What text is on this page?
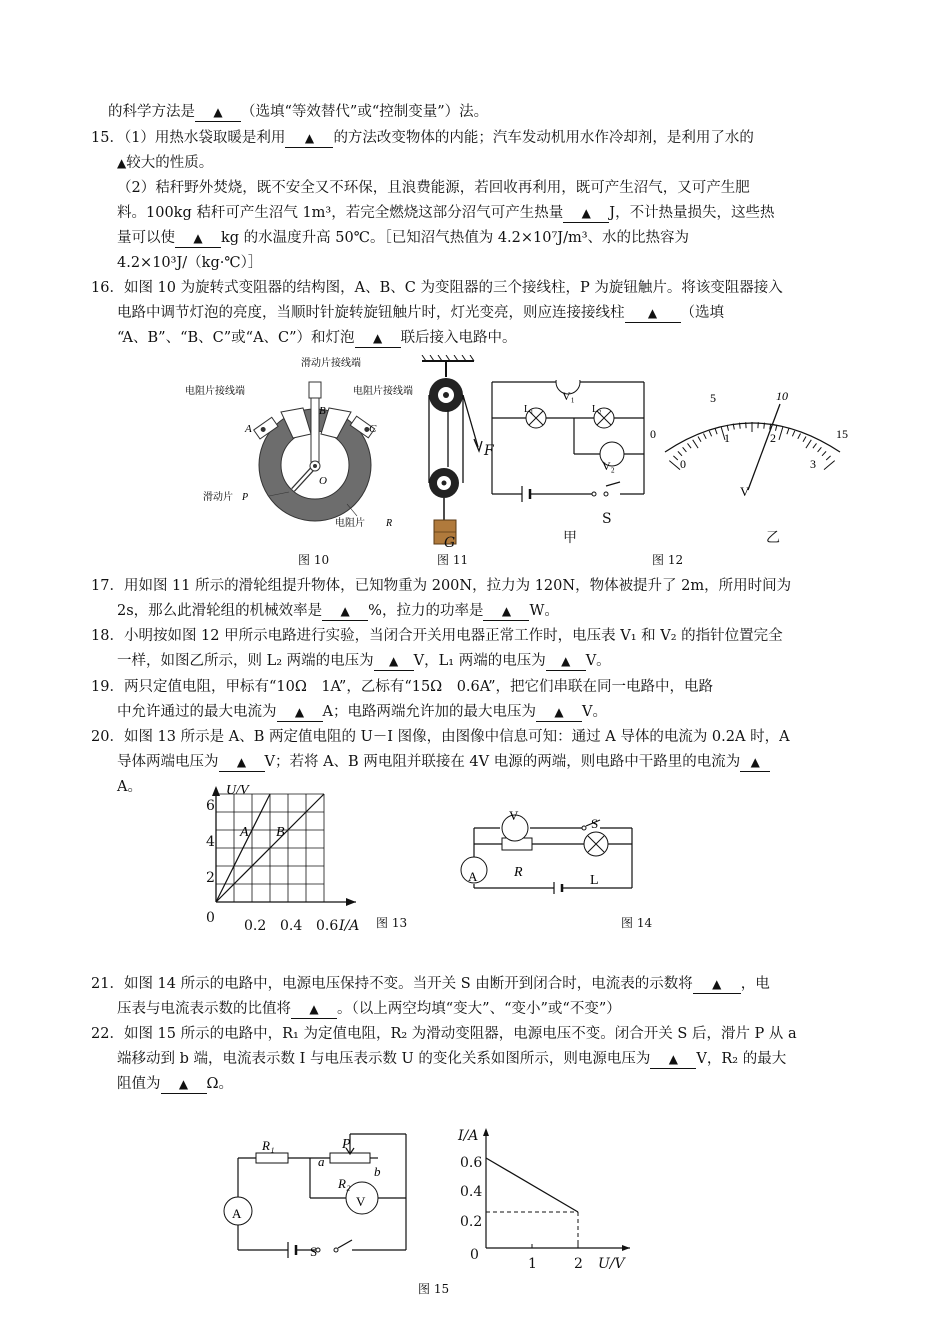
的科学方法是 ▲ （选填“等效替代”或“控制变量”）法。
15．（1）用热水袋取暖是利用 ▲ 的方法改变物体的内能；汽车发动机用水作冷却剂，是利用了水的
▲较大的性质。
（2）秸秆野外焚烧，既不安全又不环保，且浪费能源，若回收再利用，既可产生沼气，又可产生肥
料。100kg 秸秆可产生沼气 1m³，若完全燃烧这部分沼气可产生热量 ▲ J，不计热量损失，这些热
量可以使 ▲ kg 的水温度升高 50℃。［已知沼气热值为 4.2×10⁷J/m³、水的比热容为
4.2×10³J/（kg·℃）］
16．如图 10 为旋转式变阻器的结构图，A、B、C 为变阻器的三个接线柱，P 为旋钮触片。将该变阻器接入
电路中调节灯泡的亮度，当顺时针旋转旋钮触片时，灯光变亮，则应连接接线柱 ▲ （选填
“A、B”、“B、C”或“A、C”）和灯泡 ▲ 联后接入电路中。
17．用如图 11 所示的滑轮组提升物体，已知物重为 200N，拉力为 120N，物体被提升了 2m，所用时间为
2s，那么此滑轮组的机械效率是 ▲ %，拉力的功率是 ▲ W。
18．小明按如图 12 甲所示电路进行实验，当闭合开关用电器正常工作时，电压表 V₁ 和 V₂ 的指针位置完全
一样，如图乙所示，则 L₂ 两端的电压为 ▲ V，L₁ 两端的电压为 ▲ V。
19．两只定值电阻，甲标有“10Ω　1A”，乙标有“15Ω　0.6A”，把它们串联在同一电路中，电路
中允许通过的最大电流为 ▲ A；电路两端允许加的最大电压为 ▲ V。
20．如图 13 所示是 A、B 两定值电阻的 U－I 图像，由图像中信息可知：通过 A 导体的电流为 0.2A 时，A
导体两端电压为 ▲ V；若将 A、B 两电阻并联接在 4V 电源的两端，则电路中干路里的电流为 ▲
A。
21．如图 14 所示的电路中，电源电压保持不变。当开关 S 由断开到闭合时，电流表的示数将 ▲ ，电
压表与电流表示数的比值将 ▲ 。（以上两空均填“变大”、“变小”或“不变”）
22．如图 15 所示的电路中，R₁ 为定值电阻，R₂ 为滑动变阻器，电源电压不变。闭合开关 S 后，滑片 P 从 a
端移动到 b 端，电流表示数 I 与电压表示数 U 的变化关系如图所示，则电源电压为 ▲ V，R₂ 的最大
阻值为 ▲ Ω。
滑动片接线端
电阻片接线端	电阻片接线端
B
A	C
O
滑动片 P
电阻片 R
图 10
F
G
图 11
V₁
L₁	L₂
V₂
S
甲
图 12
0
5	10
15
0
1	2
3
V
乙
U/V
A B
6
4
2
0 0.2 0.4 0.6 I/A 图 13
V
S
A	R
L
图 14
R₁
a
P
b
R₂
A
V
S
I/A
0.6
0.4
0.2
0
1	2 U/V
图 15
